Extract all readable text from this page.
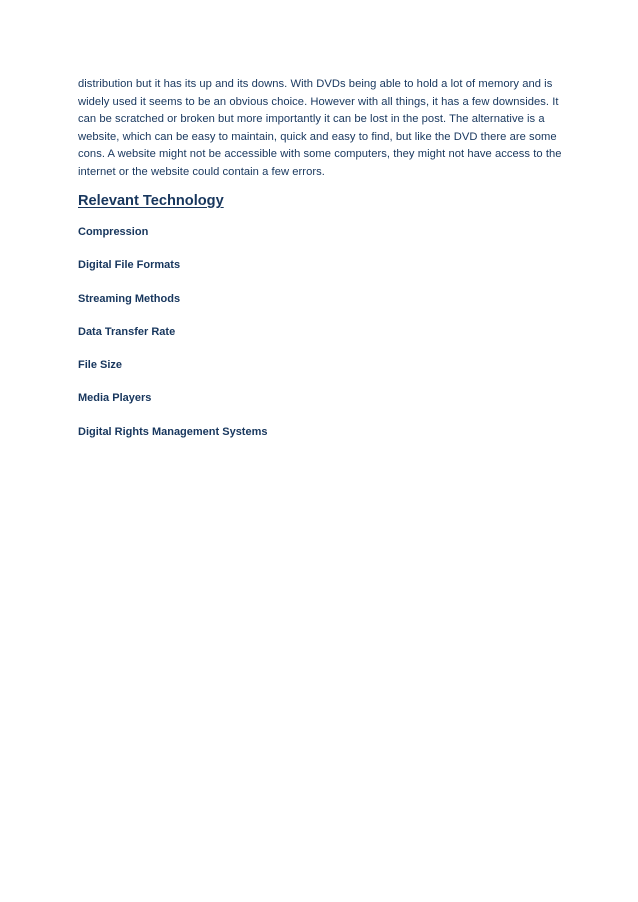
distribution but it has its up and its downs. With DVDs being able to hold a lot of memory and is widely used it seems to be an obvious choice. However with all things, it has a few downsides. It can be scratched or broken but more importantly it can be lost in the post. The alternative is a website, which can be easy to maintain, quick and easy to find, but like the DVD there are some cons. A website might not be accessible with some computers, they might not have access to the internet or the website could contain a few errors.

Relevant Technology
Compression
Digital File Formats
Streaming Methods
Data Transfer Rate
File Size
Media Players
Digital Rights Management Systems
